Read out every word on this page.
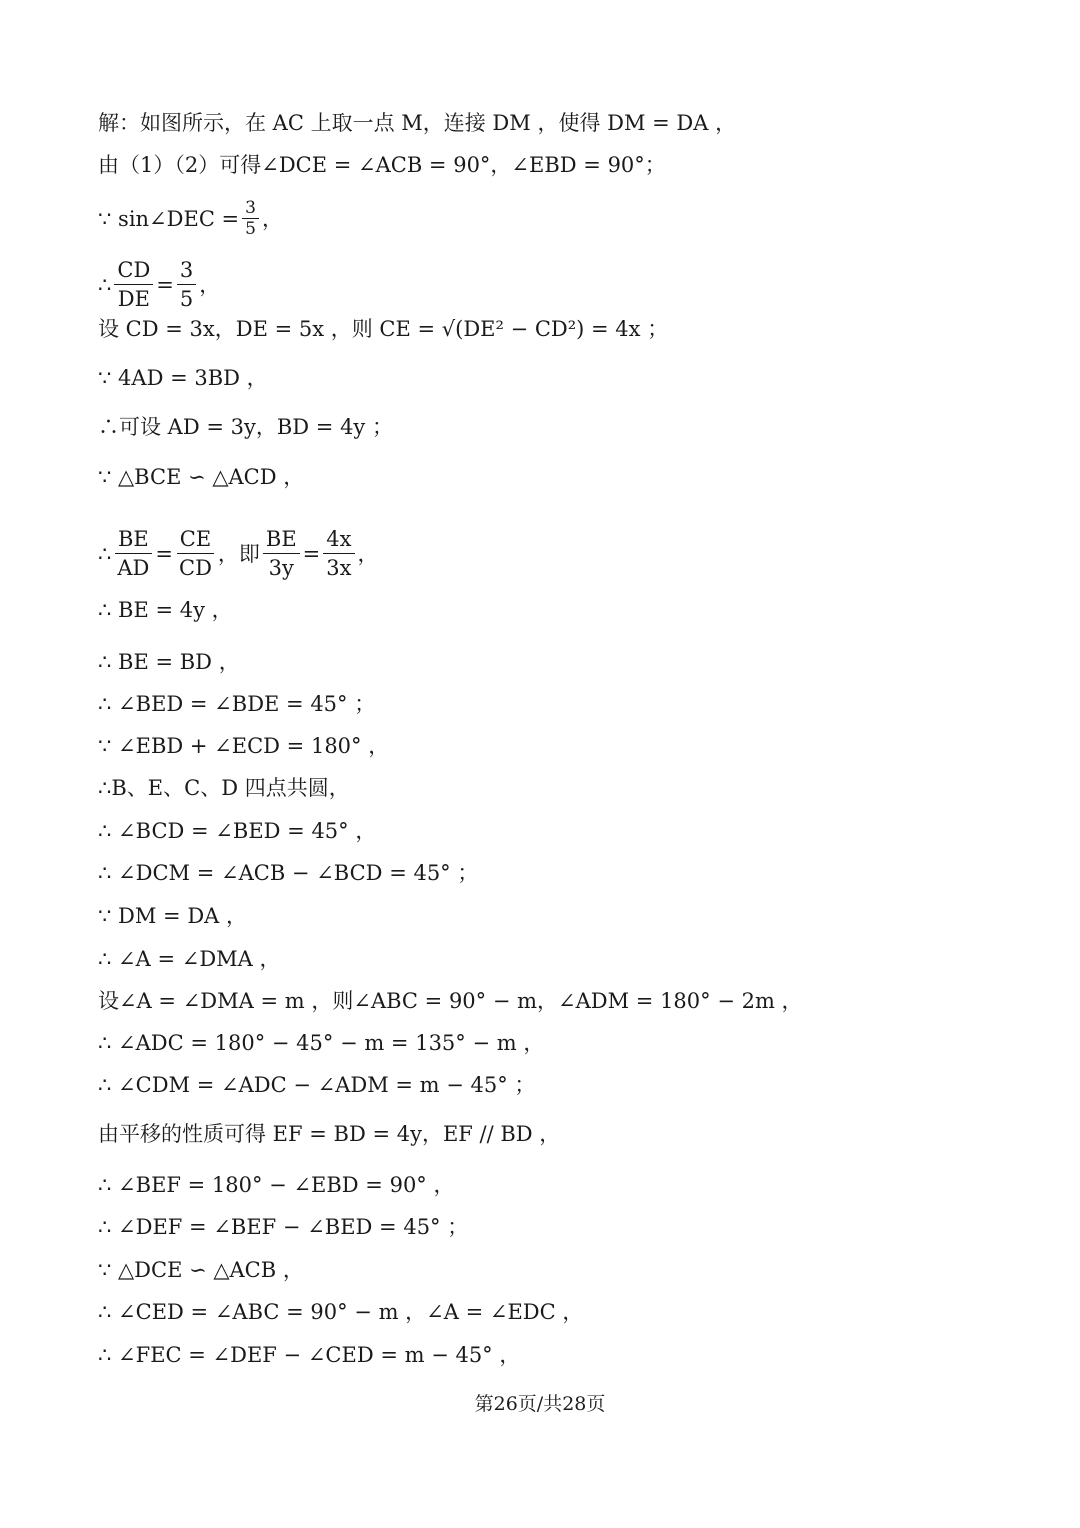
解：如图所示，在 AC 上取一点 M，连接 DM ，使得 DM = DA ，
由（1）（2）可得∠DCE = ∠ACB = 90°，∠EBD = 90°；
∵ sin∠DEC = $\frac{3}{5}$ ，
∴ $\frac{CD}{DE} = \frac{3}{5}$ ，
设 CD = 3x，DE = 5x ，则 CE = √(DE² − CD²) = 4x ；
∵ 4AD = 3BD ，
∴可设 AD = 3y，BD = 4y ；
∵ △BCE ∽ △ACD ，
∴ $\frac{BE}{AD} = \frac{CE}{CD}$ ，即 $\frac{BE}{3y} = \frac{4x}{3x}$ ，
∴ BE = 4y ，
∴ BE = BD ，
∴ ∠BED = ∠BDE = 45° ；
∵ ∠EBD + ∠ECD = 180° ，
∴B、E、C、D 四点共圆，
∴ ∠BCD = ∠BED = 45° ，
∴ ∠DCM = ∠ACB − ∠BCD = 45° ；
∵ DM = DA ，
∴ ∠A = ∠DMA ，
设∠A = ∠DMA = m ，则∠ABC = 90° − m，∠ADM = 180° − 2m ，
∴ ∠ADC = 180° − 45° − m = 135° − m ，
∴ ∠CDM = ∠ADC − ∠ADM = m − 45° ；
由平移的性质可得 EF = BD = 4y，EF // BD ，
∴ ∠BEF = 180° − ∠EBD = 90° ，
∴ ∠DEF = ∠BEF − ∠BED = 45° ；
∵ △DCE ∽ △ACB ，
∴ ∠CED = ∠ABC = 90° − m ，∠A = ∠EDC ，
∴ ∠FEC = ∠DEF − ∠CED = m − 45° ，
第26页/共28页
